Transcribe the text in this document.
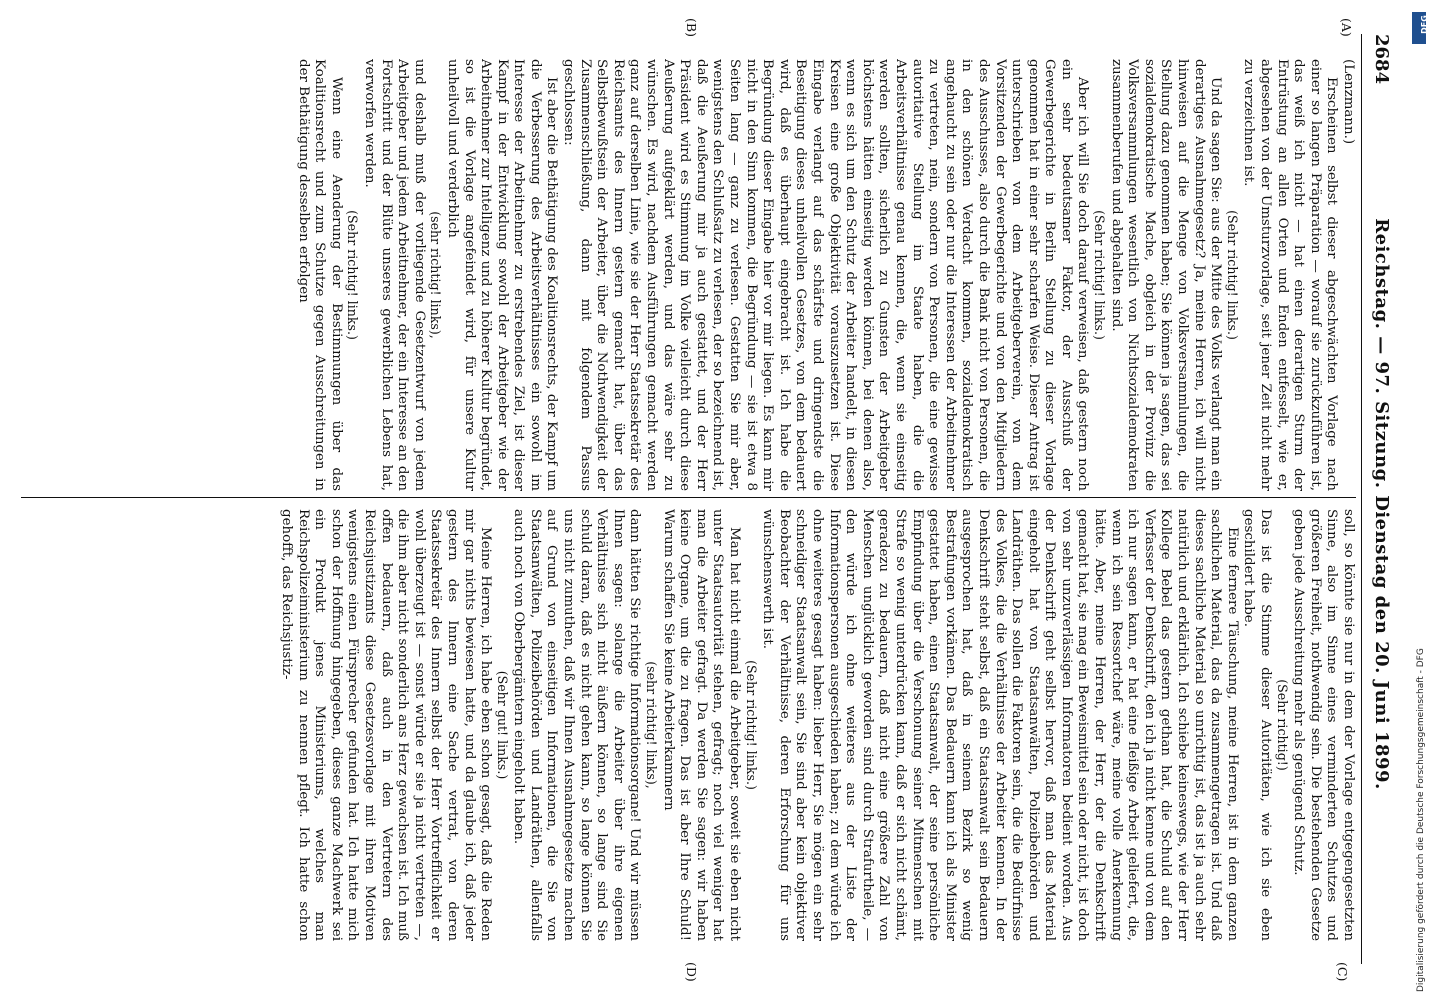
2684
Reichstag. — 97. Sitzung. Dienstag den 20. Juni 1899.
(A)
(B)
(C)
(D)

(Lenzmann.)

Erscheinen selbst dieser abgeschwächten Vorlage nach einer so langen Präparation — worauf sie zurückzuführen ist, das weiß ich nicht — hat einen derartigen Sturm der Entrüstung an allen Orten und Enden entfesselt, wie er, abgesehen von der Umsturzvorlage, seit jener Zeit nicht mehr zu verzeichnen ist.

(Sehr richtig! links.)

Und da sagen Sie: aus der Mitte des Volks verlangt man ein derartiges Ausnahmegesetz? Ja, meine Herren, ich will nicht hinweisen auf die Menge von Volksversammlungen, die Stellung dazu genommen haben; Sie können ja sagen, das sei sozialdemokratische Mache, obgleich in der Provinz die Volksversammlungen wesentlich von Nichtsozialdemokraten zusammenberufen und abgehalten sind.

(Sehr richtig! links.)

Aber ich will Sie doch darauf verweisen, daß gestern noch ein sehr bedeutsamer Faktor, der Ausschuß der Gewerbegerichte in Berlin Stellung zu dieser Vorlage genommen hat in einer sehr scharfen Weise. Dieser Antrag ist unterschrieben von dem Arbeitgeberverein, von dem Vorsitzenden der Gewerbegerichte und von den Mitgliedern des Ausschusses, also durch die Bank nicht von Personen, die in den schönen Verdacht kommen, sozialdemokratisch angehaucht zu sein oder nur die Interessen der Arbeitnehmer zu vertreten, nein, sondern von Personen, die eine gewisse autoritative Stellung im Staate haben, die die Arbeitsverhältnisse genau kennen, die, wenn sie einseitig werden sollten, sicherlich zu Gunsten der Arbeitgeber höchstens hätten einseitig werden können, bei denen also, wenn es sich um den Schutz der Arbeiter handelt, in diesen Kreisen eine große Objektivität vorauszusetzen ist. Diese Eingabe verlangt auf das schärfste und dringendste die Beseitigung dieses unheilvollen Gesetzes, von dem bedauert wird, daß es überhaupt eingebracht ist. Ich habe die Begründung dieser Eingabe hier vor mir liegen. Es kann mir nicht in den Sinn kommen, die Begründung — sie ist etwa 8 Seiten lang — ganz zu verlesen. Gestatten Sie mir aber, wenigstens den Schlußsatz zu verlesen, der so bezeichnend ist, daß die Aeußerung mir ja auch gestattet, und der Herr Präsident wird es Stimmung im Volke vielleicht durch diese Aeußerung aufgeklärt werden, und das wäre sehr zu wünschen. Es wird, nachdem Ausführungen gemacht werden ganz auf derselben Linie, wie sie der Herr Staatssekretär des Reichsamts des Innern gestern gemacht hat, über das Selbstbewußtsein der Arbeiter, über die Nothwendigkeit der Zusammenschließung, dann mit folgendem Passus geschlossen:

Ist aber die Bethätigung des Koalitionsrechts, der Kampf um die Verbesserung des Arbeitsverhältnisses ein sowohl im Interesse der Arbeitnehmer zu erstrebendes Ziel, ist dieser Kampf in der Entwicklung sowohl der Arbeitgeber wie der Arbeitnehmer zur Intelligenz und zu höherer Kultur begründet, so ist die Vorlage angefeindet wird, für unsere Kultur unheilvoll und verderblich

(sehr richtig! links),

und deshalb muß der vorliegende Gesetzentwurf von jedem Arbeitgeber und jedem Arbeitnehmer, der ein Interesse an den Fortschritt und der Blüte unseres gewerblichen Lebens hat, verworfen werden.

(Sehr richtig! links.)

Wenn eine Aenderung der Bestimmungen über das Koalitionsrecht und zum Schutze gegen Ausschreitungen in der Bethätigung desselben erfolgen

soll, so könnte sie nur in dem der Vorlage entgegengesetzten Sinne, also im Sinne eines verminderten Schutzes und größeren Freiheit, nothwendig sein. Die bestehenden Gesetze geben jede Ausschreitung mehr als genügend Schutz.

(Sehr richtig!)

Das ist die Stimme dieser Autoritäten, wie ich sie eben geschildert habe.

Eine fernere Täuschung, meine Herren, ist in dem ganzen sachlichen Material, das da zusammengetragen ist. Und daß dieses sachliche Material so unrichtig ist, das ist ja auch sehr natürlich und erklärlich. Ich schiebe keineswegs, wie der Herr Kollege Bebel das gestern gethan hat, die Schuld auf den Verfasser der Denkschrift, den ich ja nicht kenne und von dem ich nur sagen kann, er hat eine fleißige Arbeit geliefert, die, wenn ich sein Ressortchef wäre, meine volle Anerkennung hätte. Aber, meine Herren, der Herr, der die Denkschrift gemacht hat, sie mag ein Beweismittel sein oder nicht, ist doch von sehr unzuverlässigen Informatoren bedient worden. Aus der Denkschrift geht selbst hervor, daß man das Material eingeholt hat von Staatsanwälten, Polizeibehörden und Landräthen. Das sollen die Faktoren sein, die die Bedürfnisse des Volkes, die die Verhältnisse der Arbeiter kennen. In der Denkschrift steht selbst, daß ein Staatsanwalt sein Bedauern ausgesprochen hat, daß in seinem Bezirk so wenig Bestrafungen vorkämen. Das Bedauern kann ich als Minister gestattet haben, einen Staatsanwalt, der seine persönliche Empfindung über die Verschonung seiner Mitmenschen mit Strafe so wenig unterdrücken kann, daß er sich nicht schämt, geradezu zu bedauern, daß nicht eine größere Zahl von Menschen unglücklich geworden sind durch Strafurtheile, — den würde ich ohne weiteres aus der Liste der Informationspersonen ausgeschieden haben; zu dem würde ich ohne weiteres gesagt haben: lieber Herr, Sie mögen ein sehr schneidiger Staatsanwalt sein, Sie sind aber kein objektiver Beobachter der Verhältnisse, deren Erforschung für uns wünschenswerth ist.

(Sehr richtig! links.)

Man hat nicht einmal die Arbeitgeber, soweit sie eben nicht unter Staatsautorität stehen, gefragt; noch viel weniger hat man die Arbeiter gefragt. Da werden Sie sagen: wir haben keine Organe, um die zu fragen. Das ist aber Ihre Schuld! Warum schaffen Sie keine Arbeiterkammern

(sehr richtig! links),

dann hätten Sie richtige Informationsorgane! Und wir müssen Ihnen sagen: solange die Arbeiter über ihre eigenen Verhältnisse sich nicht äußern können, so lange sind Sie schuld daran, daß es nicht gehen kann, so lange können Sie uns nicht zumuthen, daß wir Ihnen Ausnahmegesetze machen auf Grund von einseitigen Informationen, die Sie von Staatsanwälten, Polizeibehörden und Landräthen, allenfalls auch noch von Oberbergämtern eingeholt haben.

(Sehr gut! links.)

Meine Herren, ich habe eben schon gesagt, daß die Reden mir gar nichts bewiesen hatte, und da glaube ich, daß jeder gestern des Innern eine Sache vertrat, von deren Staatssekretär des Innern selbst der Herr Vortrefflichkeit er wohl überzeugt ist — sonst würde er sie ja nicht vertreten —, die ihm aber nicht sonderlich ans Herz gewachsen ist. Ich muß offen bedauern, daß auch in den Vertretern des Reichsjustizamts diese Gesetzesvorlage mit ihren Motiven wenigstens einen Fürsprecher gefunden hat. Ich hatte mich schon der Hoffnung hingegeben, dieses ganze Machwerk sei ein Produkt jenes Ministeriums, welches man Reichspolizeiministerium zu nennen pflegt. Ich hatte schon gehofft, das Reichsjustiz-

DFG
Digitalisierung gefördert durch die Deutsche Forschungsgemeinschaft - DFG
